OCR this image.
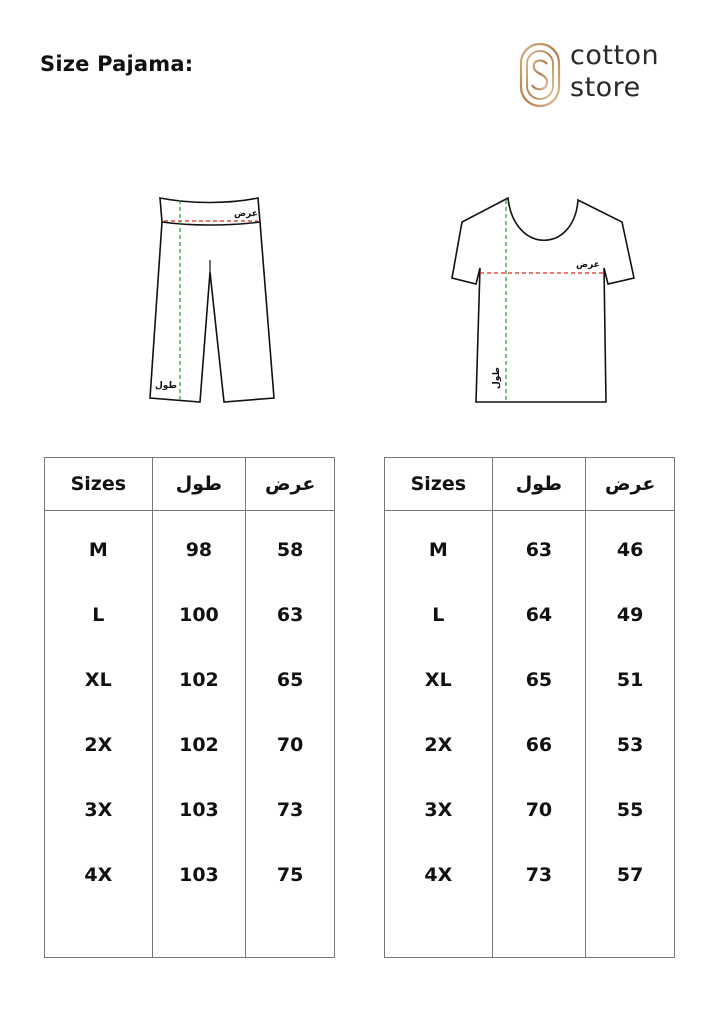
Size Pajama:	cotton
store
عرض
طول
عرض
طول
Sizes	طول	عرض
M	98	58
L	100	63
XL	102	65
2X	102	70
3X	103	73
4X	103	75

Sizes	طول	عرض
M	63	46
L	64	49
XL	65	51
2X	66	53
3X	70	55
4X	73	57
